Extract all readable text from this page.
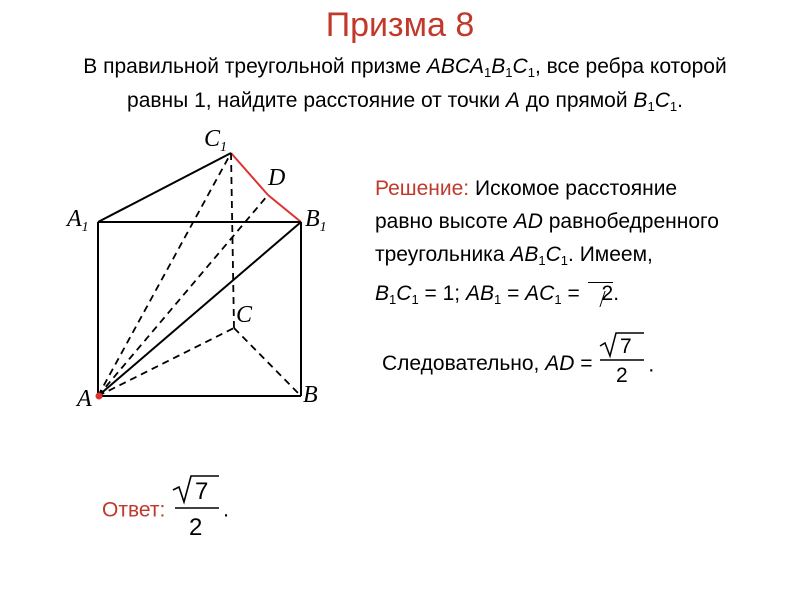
Призма 8
В правильной треугольной призме $ABCA_1B_1C_1$, все ребра которой
равны 1, найдите расстояние от точки A до прямой $B_1C_1$.
$C_1$
D
$A_1$	$B_1$
C
A	B
Решение: Искомое расстояние
равно высоте AD равнобедренного
треугольника $AB_1C_1$. Имеем,
$B_1C_1 = 1$; $AB_1 = AC_1 = 2$.
Следовательно, AD =
7
2 .
Ответ:
7
2
.
